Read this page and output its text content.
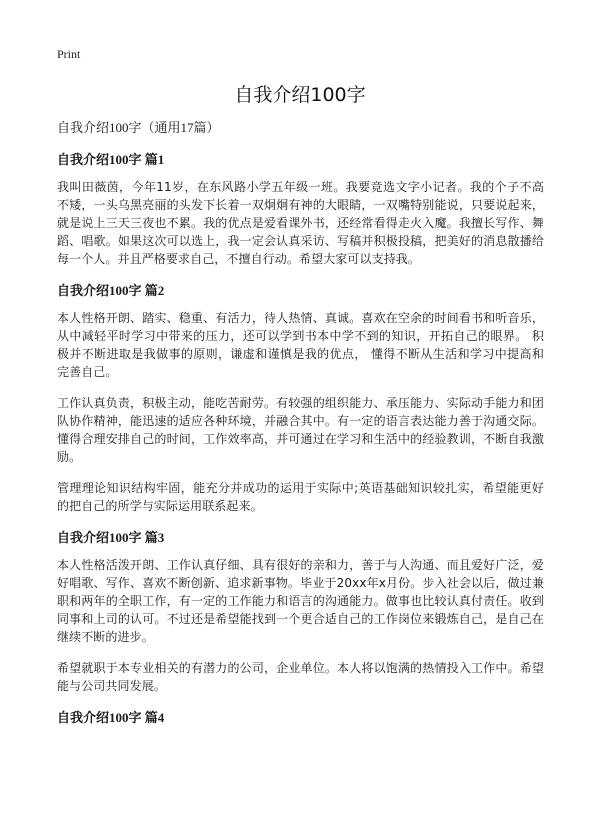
Print
自我介绍100字
自我介绍100字（通用17篇）
自我介绍100字 篇1

我叫田薇茵，今年11岁，在东风路小学五年级一班。我要竞选文字小记者。我的个子不高不矮，一头乌黑亮丽的头发下长着一双炯炯有神的大眼睛，一双嘴特别能说，只要说起来，就是说上三天三夜也不累。我的优点是爱看课外书，还经常看得走火入魔。我擅长写作、舞蹈、唱歌。如果这次可以选上，我一定会认真采访、写稿并积极投稿，把美好的消息散播给每一个人。并且严格要求自己，不擅自行动。希望大家可以支持我。

自我介绍100字 篇2

本人性格开朗、踏实、稳重、有活力，待人热情、真诚。喜欢在空余的时间看书和听音乐，从中减轻平时学习中带来的压力，还可以学到书本中学不到的知识，开拓自己的眼界。 积极并不断进取是我做事的原则，谦虚和谨慎是我的优点， 懂得不断从生活和学习中提高和完善自己。

工作认真负责，积极主动，能吃苦耐劳。有较强的组织能力、承压能力、实际动手能力和团队协作精神，能迅速的适应各种环境，并融合其中。有一定的语言表达能力善于沟通交际。懂得合理安排自己的时间，工作效率高，并可通过在学习和生活中的经验教训，不断自我激励。

管理理论知识结构牢固，能充分并成功的运用于实际中;英语基础知识较扎实，希望能更好的把自己的所学与实际运用联系起来。

自我介绍100字 篇3

本人性格活泼开朗、工作认真仔细、具有很好的亲和力，善于与人沟通、而且爱好广泛，爱好唱歌、写作、喜欢不断创新、追求新事物。毕业于20xx年x月份。步入社会以后，做过兼职和两年的全职工作，有一定的工作能力和语言的沟通能力。做事也比较认真付责任。收到同事和上司的认可。不过还是希望能找到一个更合适自己的工作岗位来锻炼自己，是自己在继续不断的进步。

希望就职于本专业相关的有潜力的公司，企业单位。本人将以饱满的热情投入工作中。希望能与公司共同发展。

自我介绍100字 篇4
